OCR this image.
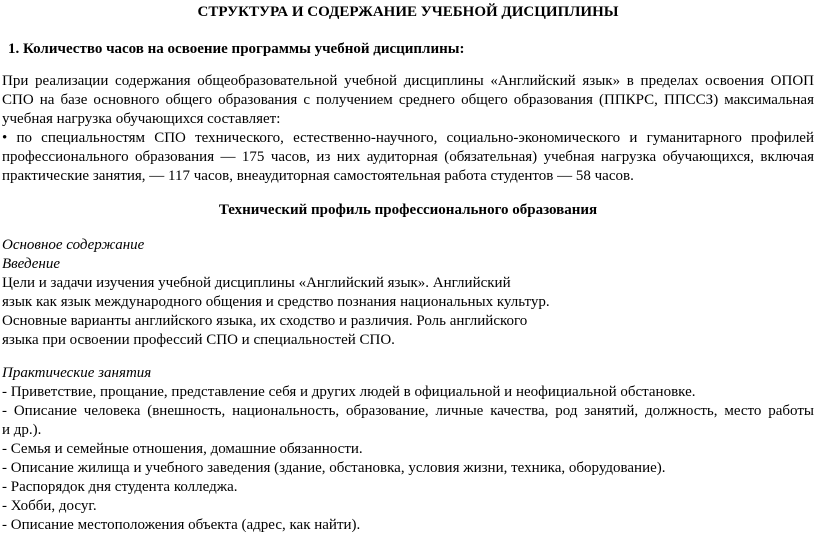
СТРУКТУРА И СОДЕРЖАНИЕ УЧЕБНОЙ ДИСЦИПЛИНЫ
1. Количество часов на освоение программы учебной дисциплины:
При реализации содержания общеобразовательной учебной дисциплины «Английский язык» в пределах освоения ОПОП
СПО на базе основного общего образования с получением среднего общего образования (ППКРС, ППССЗ) максимальная
учебная нагрузка обучающихся составляет:
• по специальностям СПО технического, естественно-научного, социально-экономического и гуманитарного профилей
профессионального образования — 175 часов, из них аудиторная (обязательная) учебная нагрузка обучающихся, включая
практические занятия, — 117 часов, внеаудиторная самостоятельная работа студентов — 58 часов.
Технический профиль профессионального образования
Основное содержание
Введение
Цели и задачи изучения учебной дисциплины «Английский язык». Английский
язык как язык международного общения и средство познания национальных культур.
Основные варианты английского языка, их сходство и различия. Роль английского
языка при освоении профессий СПО и специальностей СПО.
Практические занятия
- Приветствие, прощание, представление себя и других людей в официальной и неофициальной обстановке.
- Описание человека (внешность, национальность, образование, личные качества, род занятий, должность, место работы
и др.).
- Семья и семейные отношения, домашние обязанности.
- Описание жилища и учебного заведения (здание, обстановка, условия жизни, техника, оборудование).
- Распорядок дня студента колледжа.
- Хобби, досуг.
- Описание местоположения объекта (адрес, как найти).
